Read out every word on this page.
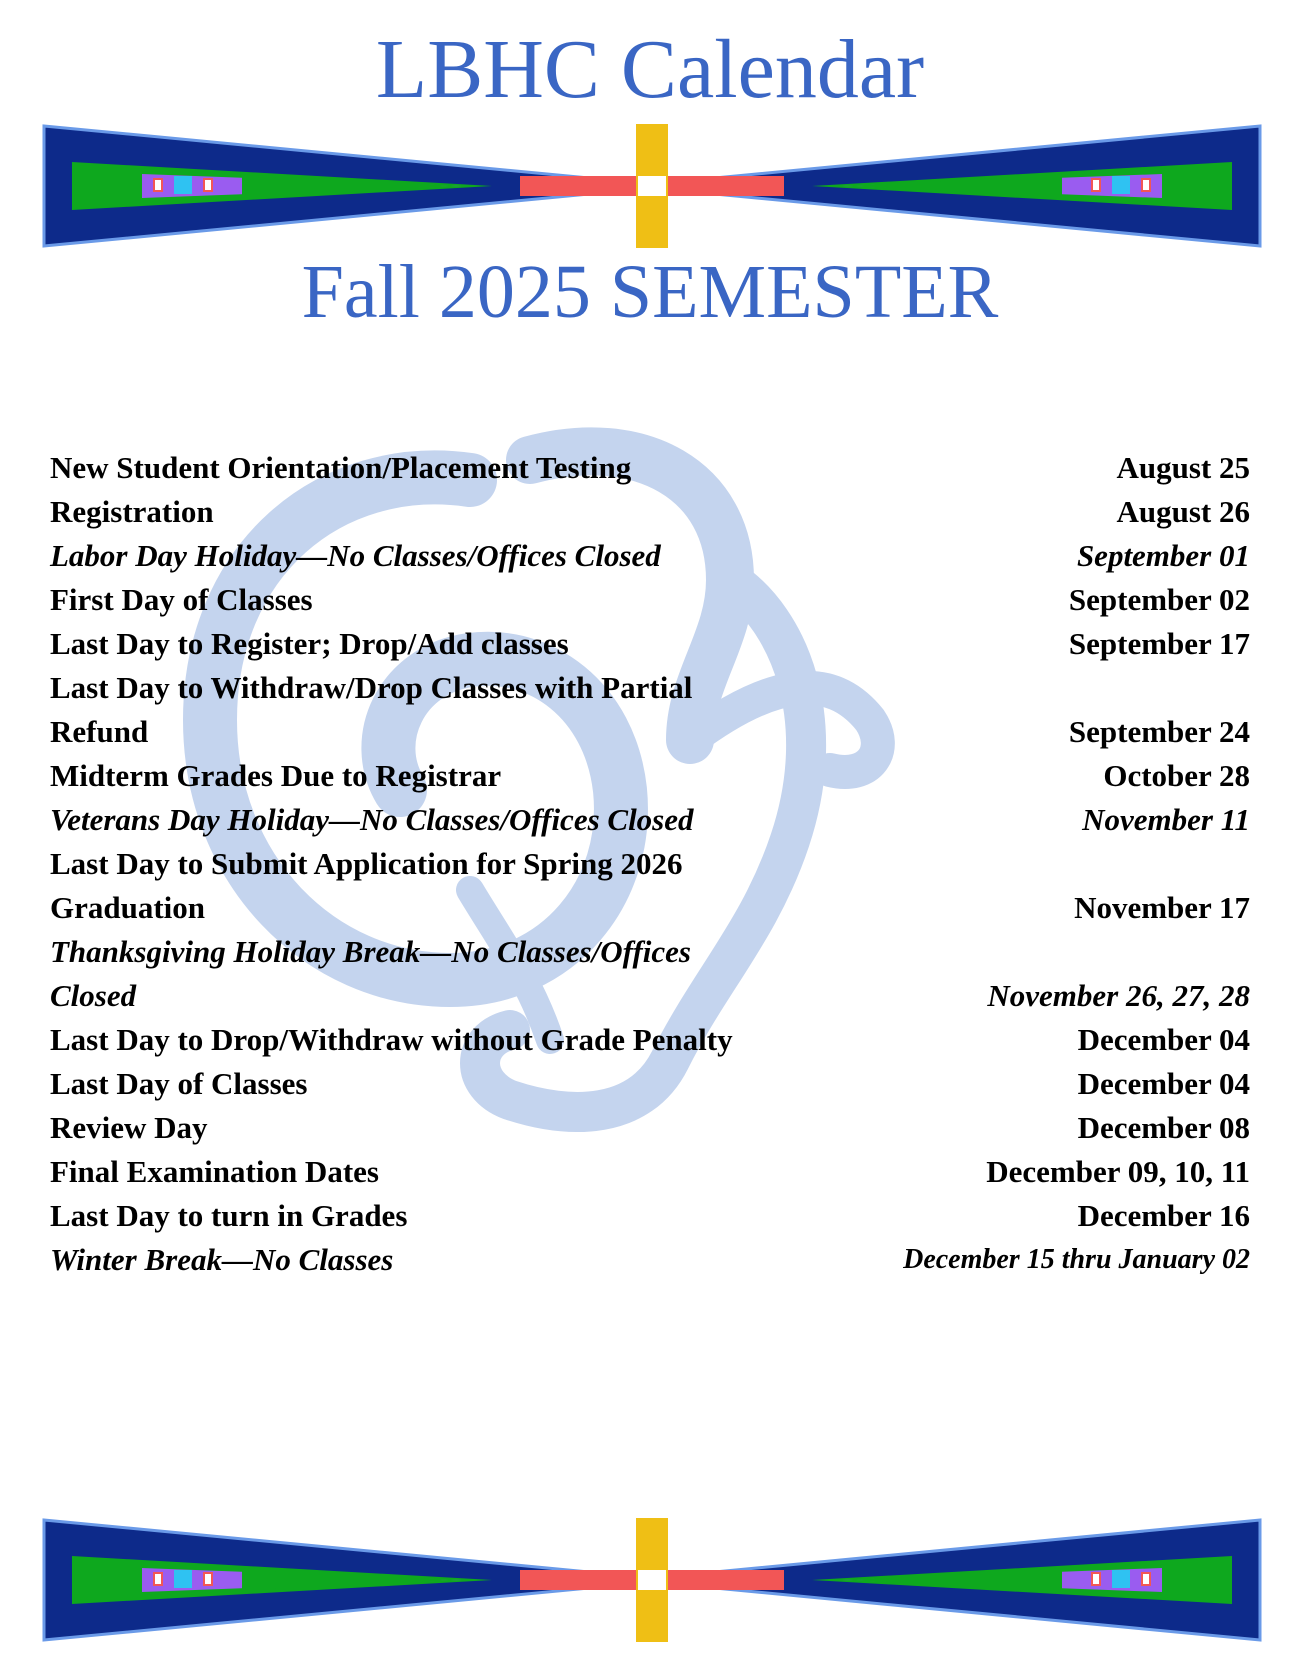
LBHC Calendar
Fall 2025 SEMESTER
New Student Orientation/Placement Testing	August 25
Registration	August 26
Labor Day Holiday—No Classes/Offices Closed	September 01
First Day of Classes	September 02
Last Day to Register; Drop/Add classes	September 17
Last Day to Withdraw/Drop Classes with Partial Refund	September 24
Midterm Grades Due to Registrar	October 28
Veterans Day Holiday—No Classes/Offices Closed	November 11
Last Day to Submit Application for Spring 2026 Graduation	November 17
Thanksgiving Holiday Break—No Classes/Offices Closed	November 26, 27, 28
Last Day to Drop/Withdraw without Grade Penalty	December 04
Last Day of Classes	December 04
Review Day	December 08
Final Examination Dates	December 09, 10, 11
Last Day to turn in Grades	December 16
Winter Break—No Classes	December 15 thru January 02
